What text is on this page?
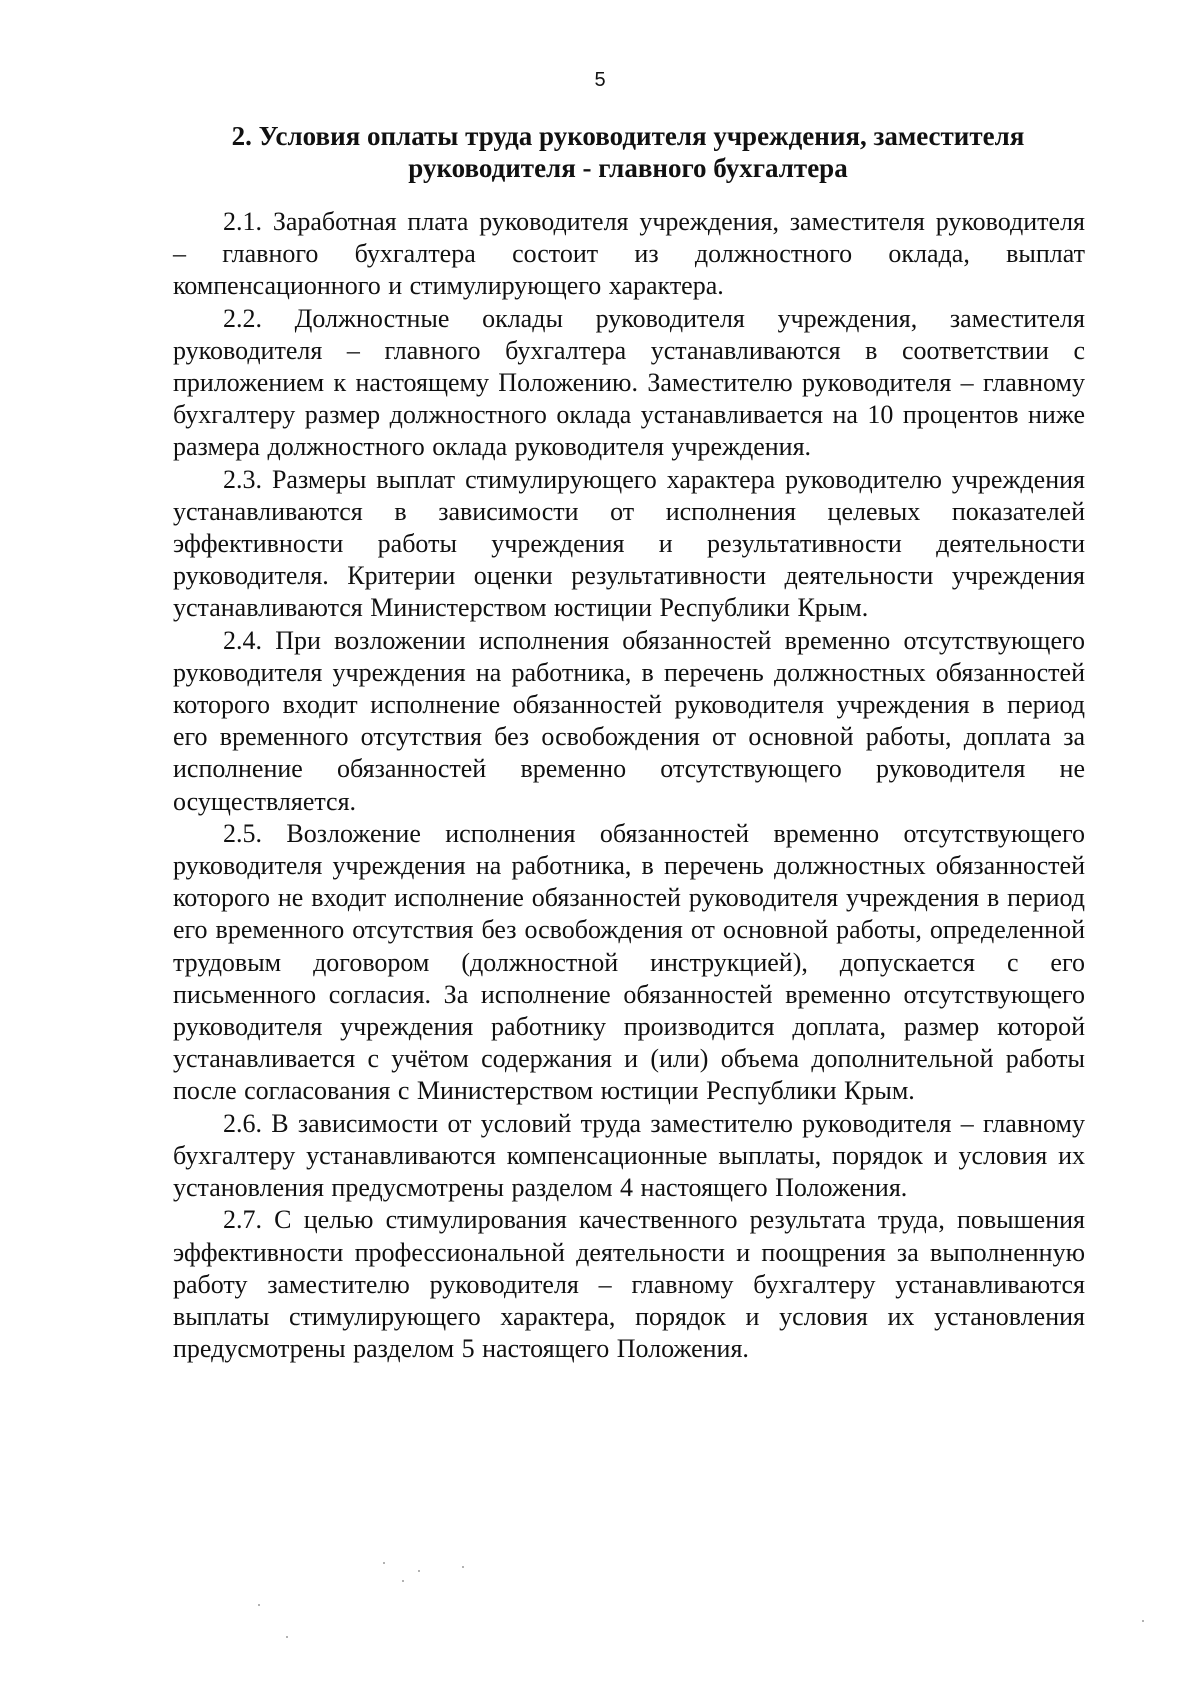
5
2. Условия оплаты труда руководителя учреждения, заместителя
руководителя - главного бухгалтера

2.1. Заработная плата руководителя учреждения, заместителя руководителя – главного бухгалтера состоит из должностного оклада, выплат компенсационного и стимулирующего характера.

2.2. Должностные оклады руководителя учреждения, заместителя руководителя – главного бухгалтера устанавливаются в соответствии с приложением к настоящему Положению. Заместителю руководителя – главному бухгалтеру размер должностного оклада устанавливается на 10 процентов ниже размера должностного оклада руководителя учреждения.

2.3. Размеры выплат стимулирующего характера руководителю учреждения устанавливаются в зависимости от исполнения целевых показателей эффективности работы учреждения и результативности деятельности руководителя. Критерии оценки результативности деятельности учреждения устанавливаются Министерством юстиции Республики Крым.

2.4. При возложении исполнения обязанностей временно отсутствующего руководителя учреждения на работника, в перечень должностных обязанностей которого входит исполнение обязанностей руководителя учреждения в период его временного отсутствия без освобождения от основной работы, доплата за исполнение обязанностей временно отсутствующего руководителя не осуществляется.

2.5. Возложение исполнения обязанностей временно отсутствующего руководителя учреждения на работника, в перечень должностных обязанностей которого не входит исполнение обязанностей руководителя учреждения в период его временного отсутствия без освобождения от основной работы, определенной трудовым договором (должностной инструкцией), допускается с его письменного согласия. За исполнение обязанностей временно отсутствующего руководителя учреждения работнику производится доплата, размер которой устанавливается с учётом содержания и (или) объема дополнительной работы после согласования с Министерством юстиции Республики Крым.

2.6. В зависимости от условий труда заместителю руководителя – главному бухгалтеру устанавливаются компенсационные выплаты, порядок и условия их установления предусмотрены разделом 4 настоящего Положения.

2.7. С целью стимулирования качественного результата труда, повышения эффективности профессиональной деятельности и поощрения за выполненную работу заместителю руководителя – главному бухгалтеру устанавливаются выплаты стимулирующего характера, порядок и условия их установления предусмотрены разделом 5 настоящего Положения.
